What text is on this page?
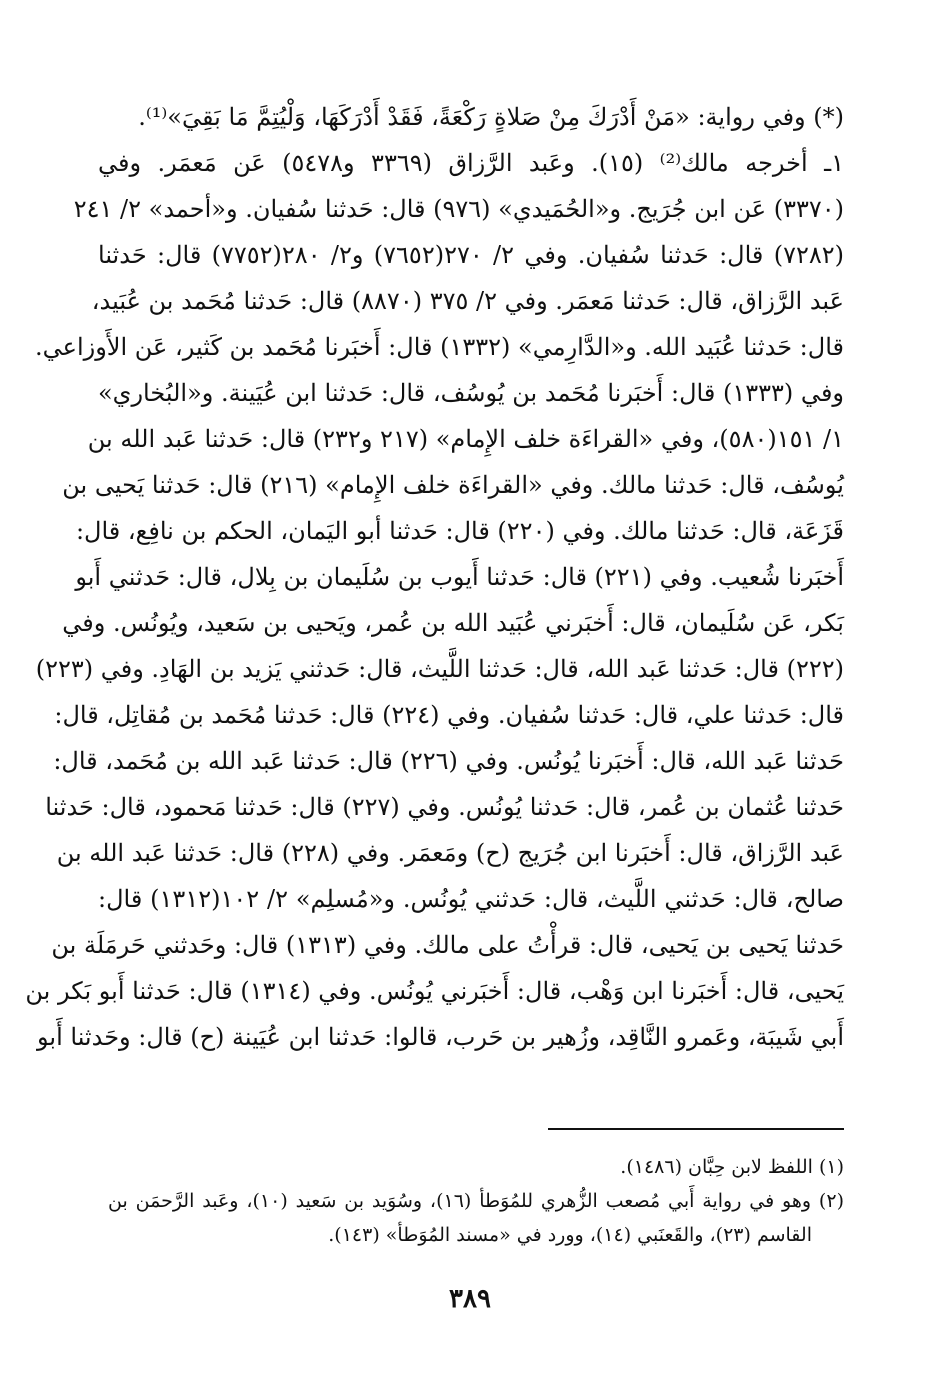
(*) وفي رواية: «مَنْ أَدْرَكَ مِنْ صَلاةٍ رَكْعَةً، فَقَدْ أَدْرَكَهَا، وَلْيُتِمَّ مَا بَقِيَ»⁽¹⁾.
١ـ أخرجه مالك⁽²⁾ (١٥). وعَبد الرَّزاق (٣٣٦٩ و٥٤٧٨) عَن مَعمَر. وفي
(٣٣٧٠) عَن ابن جُرَيج. و«الحُمَيدي» (٩٧٦) قال: حَدثنا سُفيان. و«أحمد» ٢/ ٢٤١
(٧٢٨٢) قال: حَدثنا سُفيان. وفي ٢/ ٢٧٠(٧٦٥٢) و٢/ ٢٨٠(٧٧٥٢) قال: حَدثنا
عَبد الرَّزاق، قال: حَدثنا مَعمَر. وفي ٢/ ٣٧٥ (٨٨٧٠) قال: حَدثنا مُحَمد بن عُبَيد،
قال: حَدثنا عُبَيد الله. و«الدَّارِمي» (١٣٣٢) قال: أَخبَرنا مُحَمد بن كَثير، عَن الأَوزاعي.
وفي (١٣٣٣) قال: أَخبَرنا مُحَمد بن يُوسُف، قال: حَدثنا ابن عُيَينة. و«البُخاري»
١/ ١٥١(٥٨٠)، وفي «القراءَة خلف الإِمام» (٢١٧ و٢٣٢) قال: حَدثنا عَبد الله بن
يُوسُف، قال: حَدثنا مالك. وفي «القراءَة خلف الإِمام» (٢١٦) قال: حَدثنا يَحيى بن
قَزَعَة، قال: حَدثنا مالك. وفي (٢٢٠) قال: حَدثنا أبو اليَمان، الحكم بن نافِع، قال:
أَخبَرنا شُعيب. وفي (٢٢١) قال: حَدثنا أَيوب بن سُلَيمان بن بِلال، قال: حَدثني أَبو
بَكر، عَن سُلَيمان، قال: أَخبَرني عُبَيد الله بن عُمر، ويَحيى بن سَعيد، ويُونُس. وفي
(٢٢٢) قال: حَدثنا عَبد الله، قال: حَدثنا اللَّيث، قال: حَدثني يَزيد بن الهَادِ. وفي (٢٢٣)
قال: حَدثنا علي، قال: حَدثنا سُفيان. وفي (٢٢٤) قال: حَدثنا مُحَمد بن مُقاتِل، قال:
حَدثنا عَبد الله، قال: أَخبَرنا يُونُس. وفي (٢٢٦) قال: حَدثنا عَبد الله بن مُحَمد، قال:
حَدثنا عُثمان بن عُمر، قال: حَدثنا يُونُس. وفي (٢٢٧) قال: حَدثنا مَحمود، قال: حَدثنا
عَبد الرَّزاق، قال: أَخبَرنا ابن جُرَيج (ح) ومَعمَر. وفي (٢٢٨) قال: حَدثنا عَبد الله بن
صالح، قال: حَدثني اللَّيث، قال: حَدثني يُونُس. و«مُسلِم» ٢/ ١٠٢(١٣١٢) قال:
حَدثنا يَحيى بن يَحيى، قال: قرأْتُ على مالك. وفي (١٣١٣) قال: وحَدثني حَرمَلَة بن
يَحيى، قال: أَخبَرنا ابن وَهْب، قال: أَخبَرني يُونُس. وفي (١٣١٤) قال: حَدثنا أَبو بَكر بن
أَبي شَيبَة، وعَمرو النَّاقِد، وزُهير بن حَرب، قالوا: حَدثنا ابن عُيَينة (ح) قال: وحَدثنا أَبو
(١) اللفظ لابن حِبَّان (١٤٨٦).
(٢) وهو في رواية أَبي مُصعب الزُّهري للمُوَطأ (١٦)، وسُوَيد بن سَعيد (١٠)، وعَبد الرَّحمَن بن
القاسم (٢٣)، والقَعنَبي (١٤)، وورد في «مسند المُوَطأ» (١٤٣).
٣٨٩
